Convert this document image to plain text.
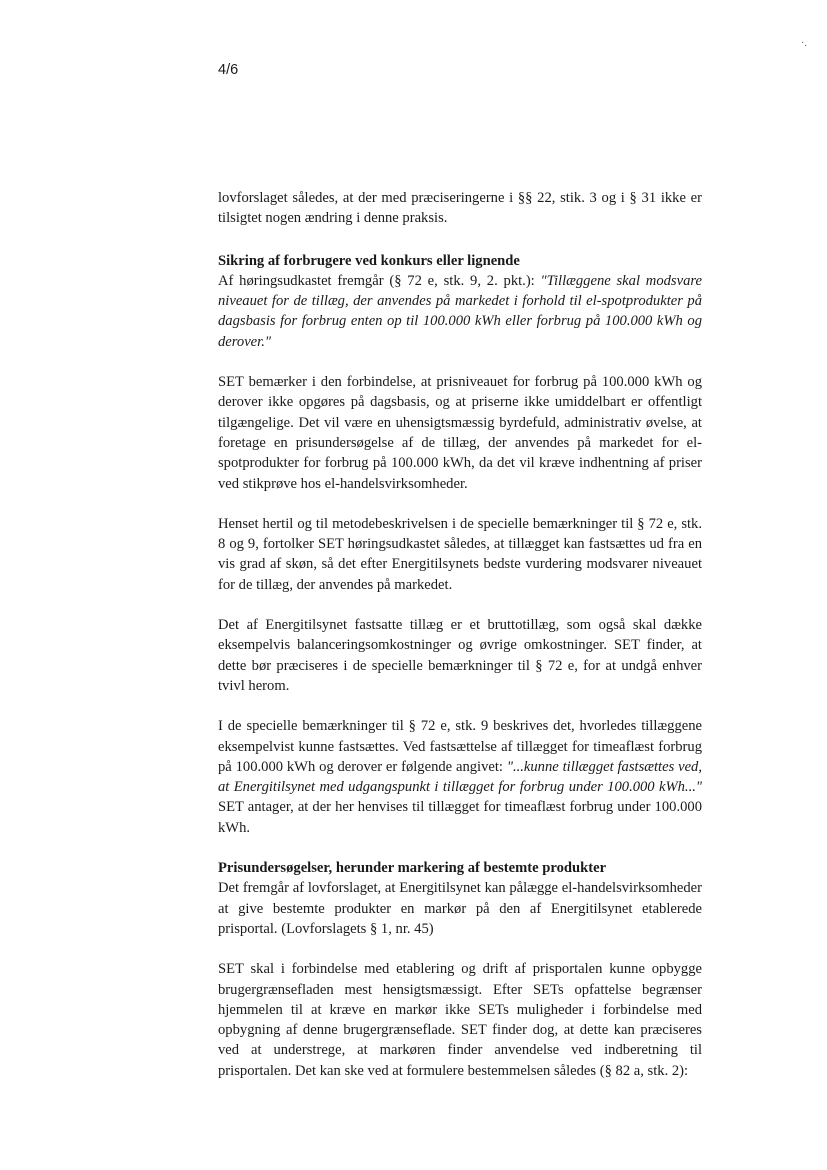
4/6
·.

lovforslaget således, at der med præciseringerne i §§ 22, stik. 3 og i § 31 ikke er tilsigtet nogen ændring i denne praksis.

Sikring af forbrugere ved konkurs eller lignende

Af høringsudkastet fremgår (§ 72 e, stk. 9, 2. pkt.): "Tillæggene skal modsvare niveauet for de tillæg, der anvendes på markedet i forhold til el-spotprodukter på dagsbasis for forbrug enten op til 100.000 kWh eller forbrug på 100.000 kWh og derover."

SET bemærker i den forbindelse, at prisniveauet for forbrug på 100.000 kWh og derover ikke opgøres på dagsbasis, og at priserne ikke umiddelbart er offentligt tilgængelige. Det vil være en uhensigtsmæssig byrdefuld, administrativ øvelse, at foretage en prisundersøgelse af de tillæg, der anvendes på markedet for el-spotprodukter for forbrug på 100.000 kWh, da det vil kræve indhentning af priser ved stikprøve hos el-handelsvirksomheder.

Henset hertil og til metodebeskrivelsen i de specielle bemærkninger til § 72 e, stk. 8 og 9, fortolker SET høringsudkastet således, at tillægget kan fastsættes ud fra en vis grad af skøn, så det efter Energitilsynets bedste vurdering modsvarer niveauet for de tillæg, der anvendes på markedet.

Det af Energitilsynet fastsatte tillæg er et bruttotillæg, som også skal dække eksempelvis balanceringsomkostninger og øvrige omkostninger. SET finder, at dette bør præciseres i de specielle bemærkninger til § 72 e, for at undgå enhver tvivl herom.

I de specielle bemærkninger til § 72 e, stk. 9 beskrives det, hvorledes tillæggene eksempelvist kunne fastsættes. Ved fastsættelse af tillægget for timeaflæst forbrug på 100.000 kWh og derover er følgende angivet: "...kunne tillægget fastsættes ved, at Energitilsynet med udgangspunkt i tillægget for forbrug under 100.000 kWh..." SET antager, at der her henvises til tillægget for timeaflæst forbrug under 100.000 kWh.

Prisundersøgelser, herunder markering af bestemte produkter

Det fremgår af lovforslaget, at Energitilsynet kan pålægge el-handelsvirksomheder at give bestemte produkter en markør på den af Energitilsynet etablerede prisportal. (Lovforslagets § 1, nr. 45)

SET skal i forbindelse med etablering og drift af prisportalen kunne opbygge brugergrænsefladen mest hensigtsmæssigt. Efter SETs opfattelse begrænser hjemmelen til at kræve en markør ikke SETs muligheder i forbindelse med opbygning af denne brugergrænseflade. SET finder dog, at dette kan præciseres ved at understrege, at markøren finder anvendelse ved indberetning til prisportalen. Det kan ske ved at formulere bestemmelsen således (§ 82 a, stk. 2):
